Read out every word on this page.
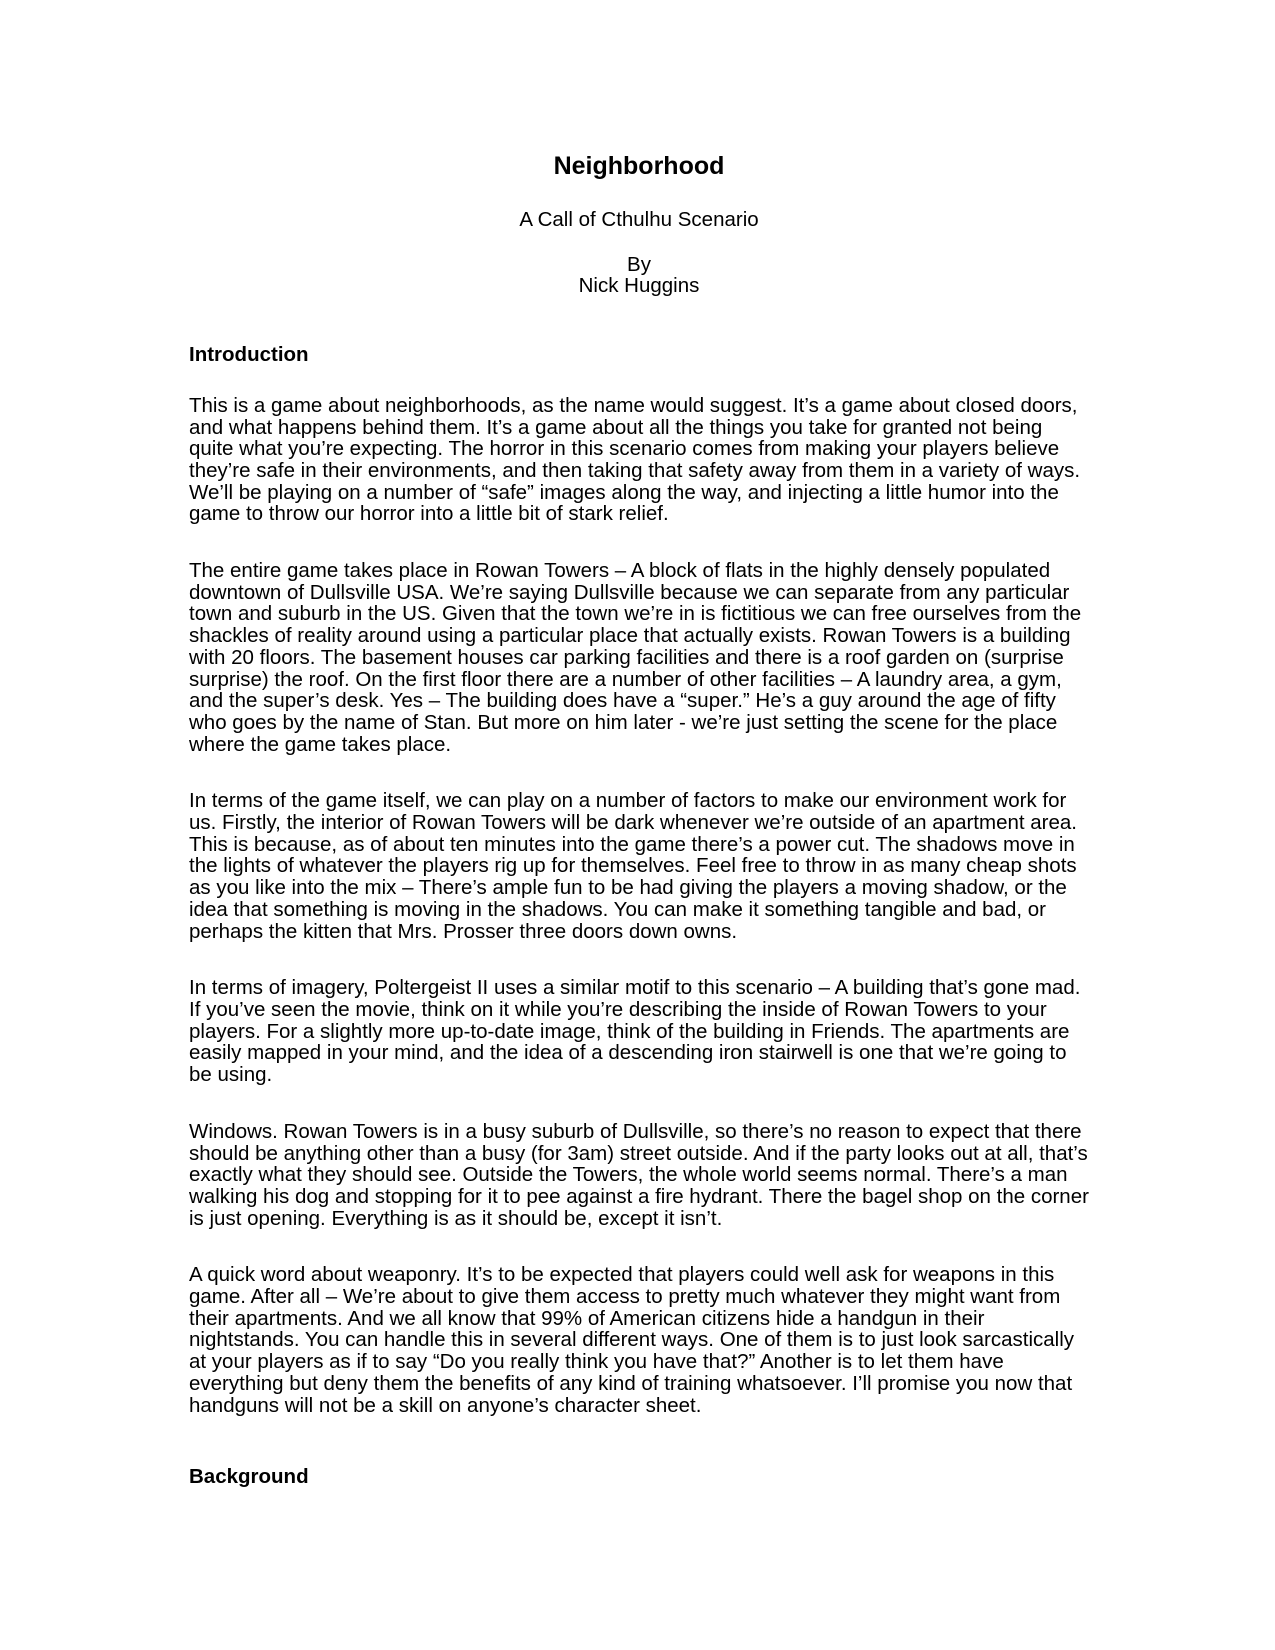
Neighborhood

A Call of Cthulhu Scenario

By
Nick Huggins
Introduction

This is a game about neighborhoods, as the name would suggest. It’s a game about closed doors, and what happens behind them. It’s a game about all the things you take for granted not being quite what you’re expecting. The horror in this scenario comes from making your players believe they’re safe in their environments, and then taking that safety away from them in a variety of ways. We’ll be playing on a number of “safe” images along the way, and injecting a little humor into the game to throw our horror into a little bit of stark relief.

The entire game takes place in Rowan Towers – A block of flats in the highly densely populated downtown of Dullsville USA. We’re saying Dullsville because we can separate from any particular town and suburb in the US. Given that the town we’re in is fictitious we can free ourselves from the shackles of reality around using a particular place that actually exists. Rowan Towers is a building with 20 floors. The basement houses car parking facilities and there is a roof garden on (surprise surprise) the roof. On the first floor there are a number of other facilities – A laundry area, a gym, and the super’s desk. Yes – The building does have a “super.” He’s a guy around the age of fifty who goes by the name of Stan. But more on him later - we’re just setting the scene for the place where the game takes place.

In terms of the game itself, we can play on a number of factors to make our environment work for us. Firstly, the interior of Rowan Towers will be dark whenever we’re outside of an apartment area. This is because, as of about ten minutes into the game there’s a power cut. The shadows move in the lights of whatever the players rig up for themselves. Feel free to throw in as many cheap shots as you like into the mix – There’s ample fun to be had giving the players a moving shadow, or the idea that something is moving in the shadows. You can make it something tangible and bad, or perhaps the kitten that Mrs. Prosser three doors down owns.

In terms of imagery, Poltergeist II uses a similar motif to this scenario – A building that’s gone mad. If you’ve seen the movie, think on it while you’re describing the inside of Rowan Towers to your players. For a slightly more up-to-date image, think of the building in Friends. The apartments are easily mapped in your mind, and the idea of a descending iron stairwell is one that we’re going to be using.

Windows. Rowan Towers is in a busy suburb of Dullsville, so there’s no reason to expect that there should be anything other than a busy (for 3am) street outside. And if the party looks out at all, that’s exactly what they should see. Outside the Towers, the whole world seems normal. There’s a man walking his dog and stopping for it to pee against a fire hydrant. There the bagel shop on the corner is just opening. Everything is as it should be, except it isn’t.

A quick word about weaponry. It’s to be expected that players could well ask for weapons in this game. After all – We’re about to give them access to pretty much whatever they might want from their apartments. And we all know that 99% of American citizens hide a handgun in their nightstands. You can handle this in several different ways. One of them is to just look sarcastically at your players as if to say “Do you really think you have that?” Another is to let them have everything but deny them the benefits of any kind of training whatsoever. I’ll promise you now that handguns will not be a skill on anyone’s character sheet.

Background
